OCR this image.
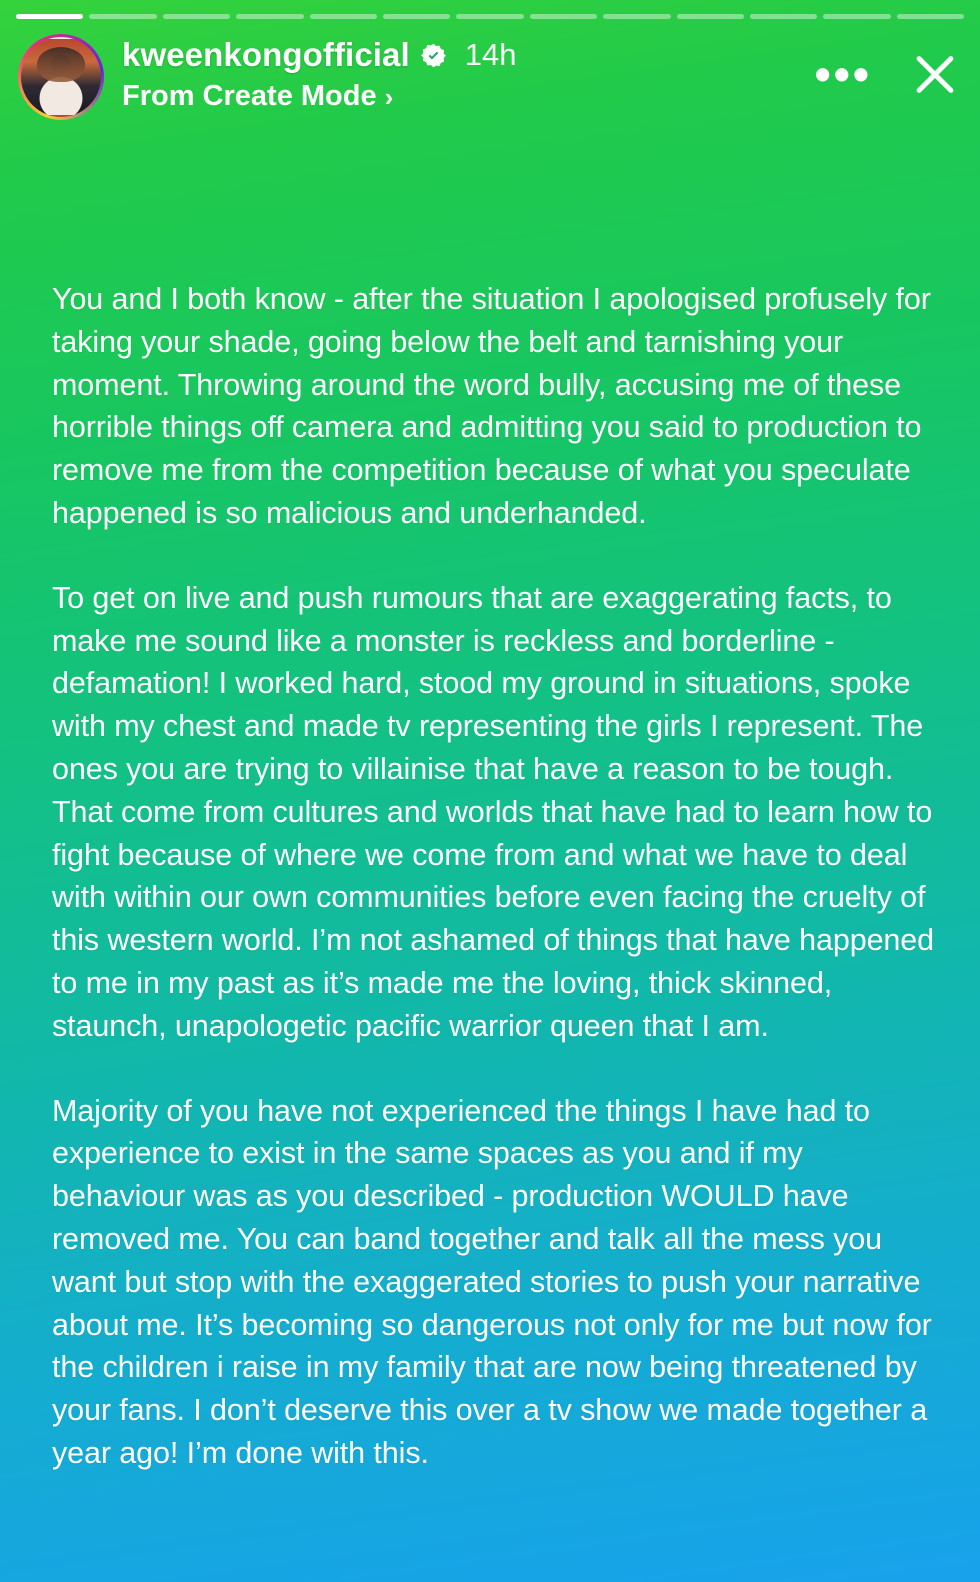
kweenkongofficial 14h
From Create Mode ›	•••

You and I both know - after the situation I apologised profusely for taking your shade, going below the belt and tarnishing your moment. Throwing around the word bully, accusing me of these horrible things off camera and admitting you said to production to remove me from the competition because of what you speculate happened is so malicious and underhanded.

To get on live and push rumours that are exaggerating facts, to make me sound like a monster is reckless and borderline - defamation! I worked hard, stood my ground in situations, spoke with my chest and made tv representing the girls I represent. The ones you are trying to villainise that have a reason to be tough. That come from cultures and worlds that have had to learn how to fight because of where we come from and what we have to deal with within our own communities before even facing the cruelty of this western world. I’m not ashamed of things that have happened to me in my past as it’s made me the loving, thick skinned, staunch, unapologetic pacific warrior queen that I am.

Majority of you have not experienced the things I have had to experience to exist in the same spaces as you and if my behaviour was as you described - production WOULD have removed me. You can band together and talk all the mess you want but stop with the exaggerated stories to push your narrative about me. It’s becoming so dangerous not only for me but now for the children i raise in my family that are now being threatened by your fans. I don’t deserve this over a tv show we made together a year ago! I’m done with this.
